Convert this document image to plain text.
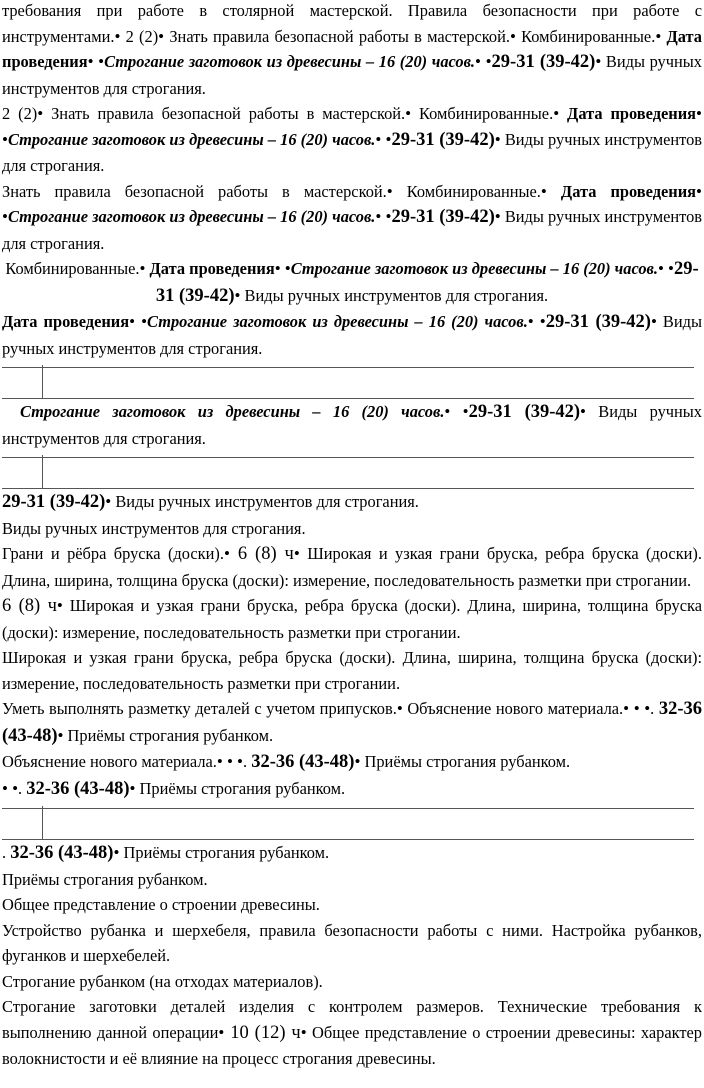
требования при работе в столярной мастерской. Правила безопасности при работе с инструментами.• 2 (2)• Знать правила безопасной работы в мастерской.• Комбинированные.• Дата проведения• •Строгание заготовок из древесины – 16 (20) часов.• •29-31 (39-42)• Виды ручных инструментов для строгания.

2 (2)• Знать правила безопасной работы в мастерской.• Комбинированные.• Дата проведения• •Строгание заготовок из древесины – 16 (20) часов.• •29-31 (39-42)• Виды ручных инструментов для строгания.

Знать правила безопасной работы в мастерской.• Комбинированные.• Дата проведения• •Строгание заготовок из древесины – 16 (20) часов.• •29-31 (39-42)• Виды ручных инструментов для строгания.

Комбинированные.• Дата проведения• •Строгание заготовок из древесины – 16 (20) часов.• •29-31 (39-42)• Виды ручных инструментов для строгания.

Дата проведения• •Строгание заготовок из древесины – 16 (20) часов.• •29-31 (39-42)• Виды ручных инструментов для строгания.

Строгание заготовок из древесины – 16 (20) часов.• •29-31 (39-42)• Виды ручных инструментов для строгания.

29-31 (39-42)• Виды ручных инструментов для строгания.

Виды ручных инструментов для строгания.

Грани и рёбра бруска (доски).• 6 (8) ч• Широкая и узкая грани бруска, ребра бруска (доски). Длина, ширина, толщина бруска (доски): измерение, последовательность разметки при строгании.

6 (8) ч• Широкая и узкая грани бруска, ребра бруска (доски). Длина, ширина, толщина бруска (доски): измерение, последовательность разметки при строгании.

Широкая и узкая грани бруска, ребра бруска (доски). Длина, ширина, толщина бруска (доски): измерение, последовательность разметки при строгании.

Уметь выполнять разметку деталей с учетом припусков.• Объяснение нового материала.• • •. 32-36 (43-48)• Приёмы строгания рубанком.

Объяснение нового материала.• • •. 32-36 (43-48)• Приёмы строгания рубанком.

• •. 32-36 (43-48)• Приёмы строгания рубанком.

. 32-36 (43-48)• Приёмы строгания рубанком.

Приёмы строгания рубанком.

Общее представление о строении древесины.

Устройство рубанка и шерхебеля, правила безопасности работы с ними. Настройка рубанков, фуганков и шерхебелей.

Строгание рубанком (на отходах материалов).

Строгание заготовки деталей изделия с контролем размеров. Технические требования к выполнению данной операции• 10 (12) ч• Общее представление о строении древесины: характер волокнистости и её влияние на процесс строгания древесины.
